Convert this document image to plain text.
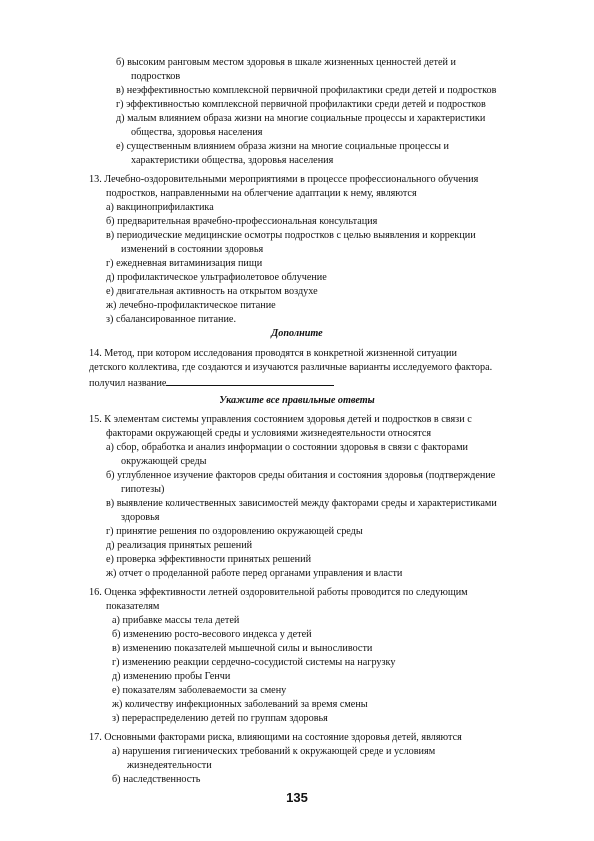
б) высоким ранговым местом здоровья в шкале жизненных ценностей детей и
подростков
в) неэффективностью комплексной первичной профилактики среди детей и подростков
г) эффективностью комплексной первичной профилактики среди детей и подростков
д) малым влиянием образа жизни на многие социальные процессы и характеристики
общества, здоровья населения
е) существенным влиянием образа жизни на многие социальные процессы и
характеристики общества, здоровья населения
13. Лечебно-оздоровительными мероприятиями в процессе профессионального обучения
подростков, направленными на облегчение адаптации к нему, являются
а) вакциноприфилактика
б) предварительная врачебно-профессиональная консультация
в) периодические медицинские осмотры подростков с целью выявления и коррекции
изменений в состоянии здоровья
г) ежедневная витаминизация пищи
д) профилактическое ультрафиолетовое облучение
е) двигательная активность на открытом воздухе
ж) лечебно-профилактическое питание
з) сбалансированное питание.
Дополните
14. Метод, при котором исследования проводятся в конкретной жизненной ситуации
детского коллектива, где создаются и изучаются различные варианты исследуемого фактора.
получил название
Укажите все правильные ответы
15. К элементам системы управления состоянием здоровья детей и подростков в связи с
факторами окружающей среды и условиями жизнедеятельности относятся
а) сбор, обработка и анализ информации о состоянии здоровья в связи с факторами
окружающей среды
б) углубленное изучение факторов среды обитания и состояния здоровья (подтверждение
гипотезы)
в) выявление количественных зависимостей между факторами среды и характеристиками
здоровья
г) принятие решения по оздоровлению окружающей среды
д) реализация принятых решений
е) проверка эффективности принятых решений
ж) отчет о проделанной работе перед органами управления и власти
16. Оценка эффективности летней оздоровительной работы проводится по следующим
показателям
а) прибавке массы тела детей
б) изменению росто-весового индекса у детей
в) изменению показателей мышечной силы и выносливости
г) изменению реакции сердечно-сосудистой системы на нагрузку
д) изменению пробы Генчи
е) показателям заболеваемости за смену
ж) количеству инфекционных заболеваний за время смены
з) перераспределению детей по группам здоровья
17. Основными факторами риска, влияющими на состояние здоровья детей, являются
а) нарушения гигиенических требований к окружающей среде и условиям
жизнедеятельности
б) наследственность
135
